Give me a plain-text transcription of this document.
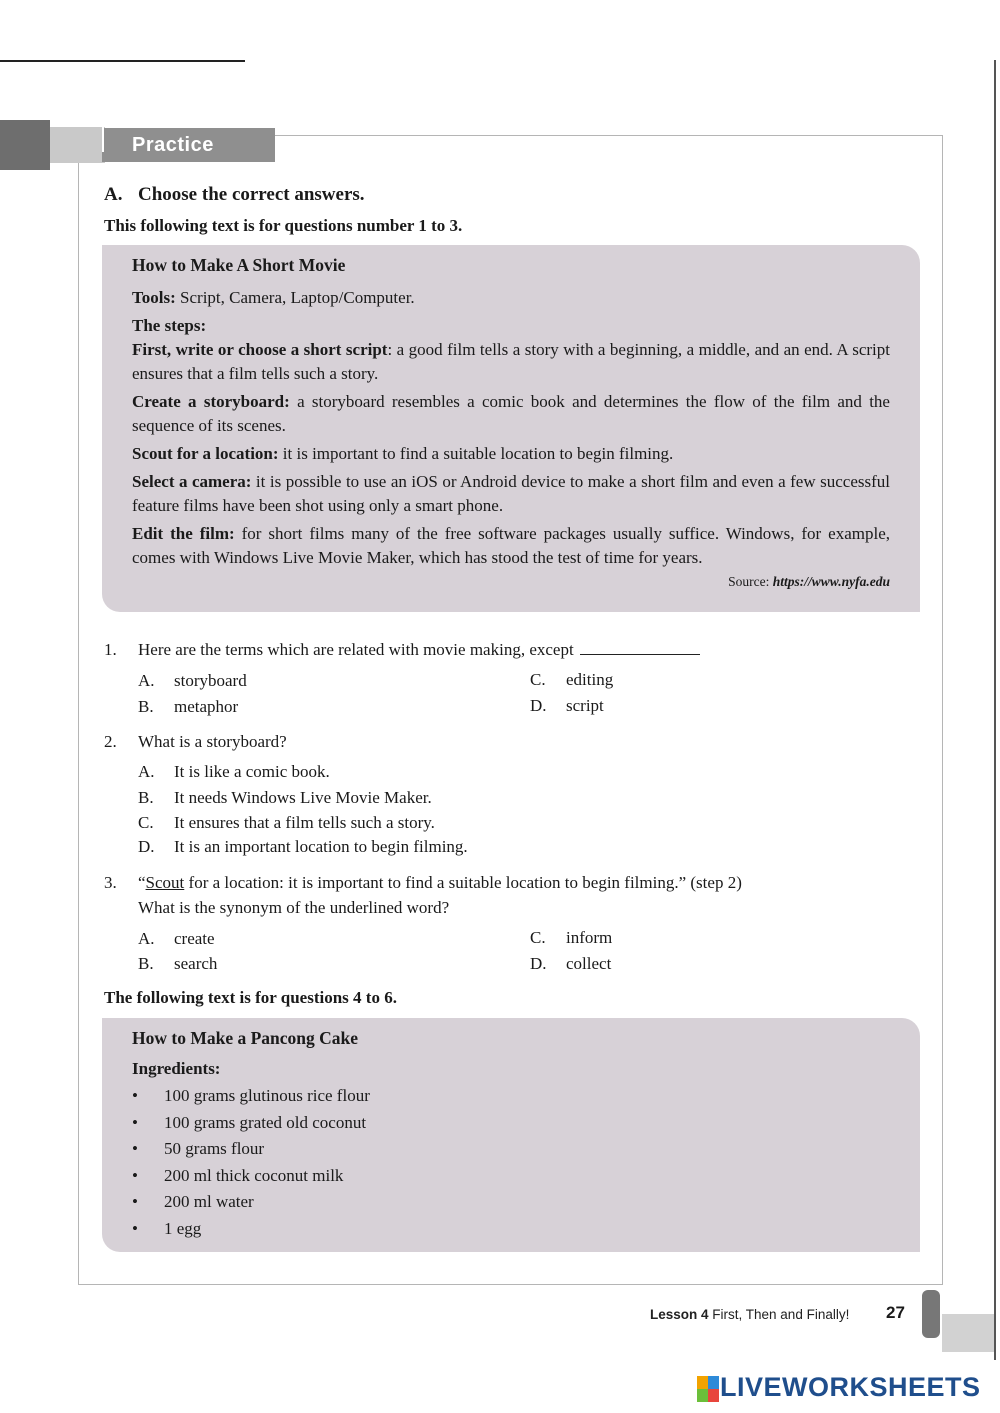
Practice
A. Choose the correct answers.
This following text is for questions number 1 to 3.
How to Make A Short Movie

Tools: Script, Camera, Laptop/Computer.

The steps:

First, write or choose a short script: a good film tells a story with a beginning, a middle, and an end. A script ensures that a film tells such a story.

Create a storyboard: a storyboard resembles a comic book and determines the flow of the film and the sequence of its scenes.

Scout for a location: it is important to find a suitable location to begin filming.

Select a camera: it is possible to use an iOS or Android device to make a short film and even a few successful feature films have been shot using only a smart phone.

Edit the film: for short films many of the free software packages usually suffice. Windows, for example, comes with Windows Live Movie Maker, which has stood the test of time for years.

Source: https://www.nyfa.edu
1. Here are the terms which are related with movie making, except
A. storyboard
B. metaphor
C. editing
D. script
2. What is a storyboard?
A. It is like a comic book.
B. It needs Windows Live Movie Maker.
C. It ensures that a film tells such a story.
D. It is an important location to begin filming.
3. “Scout for a location: it is important to find a suitable location to begin filming.” (step 2)
What is the synonym of the underlined word?
A. create
B. search
C. inform
D. collect
The following text is for questions 4 to 6.
How to Make a Pancong Cake

Ingredients:

• 100 grams glutinous rice flour
• 100 grams grated old coconut
• 50 grams flour
• 200 ml thick coconut milk
• 200 ml water
• 1 egg
Lesson 4 First, Then and Finally! 27
LIVEWORKSHEETS
